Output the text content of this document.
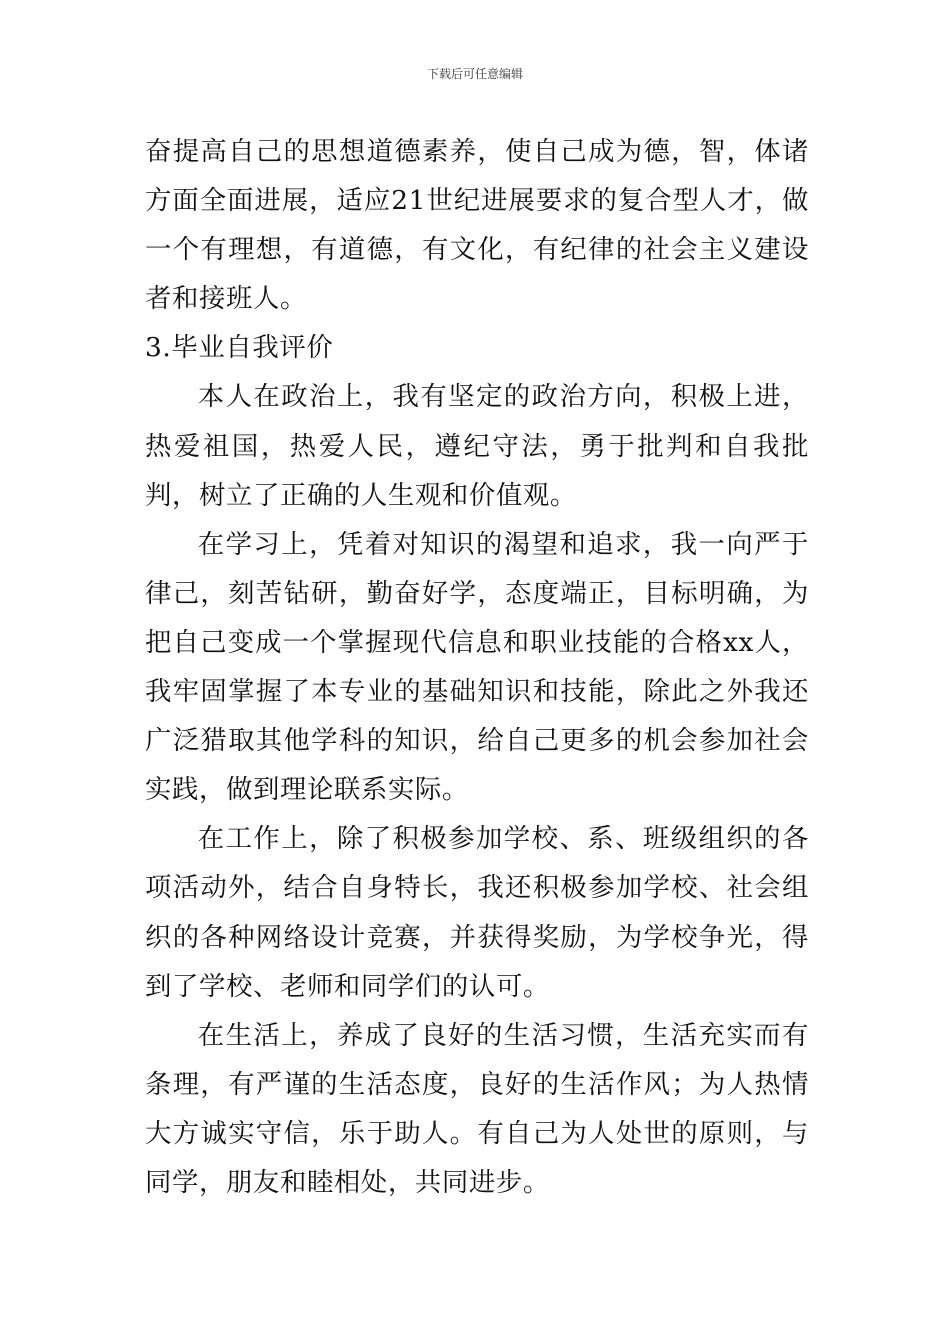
下载后可任意编辑

奋提高自己的思想道德素养，使自己成为德，智，体诸方面全面进展，适应21世纪进展要求的复合型人才，做一个有理想，有道德，有文化，有纪律的社会主义建设者和接班人。

3.毕业自我评价

本人在政治上，我有坚定的政治方向，积极上进，热爱祖国，热爱人民，遵纪守法，勇于批判和自我批判，树立了正确的人生观和价值观。

在学习上，凭着对知识的渴望和追求，我一向严于律己，刻苦钻研，勤奋好学，态度端正，目标明确，为把自己变成一个掌握现代信息和职业技能的合格xx人，我牢固掌握了本专业的基础知识和技能，除此之外我还广泛猎取其他学科的知识，给自己更多的机会参加社会实践，做到理论联系实际。

在工作上，除了积极参加学校、系、班级组织的各项活动外，结合自身特长，我还积极参加学校、社会组织的各种网络设计竞赛，并获得奖励，为学校争光，得到了学校、老师和同学们的认可。

在生活上，养成了良好的生活习惯，生活充实而有条理，有严谨的生活态度，良好的生活作风；为人热情大方诚实守信，乐于助人。有自己为人处世的原则，与同学，朋友和睦相处，共同进步。
